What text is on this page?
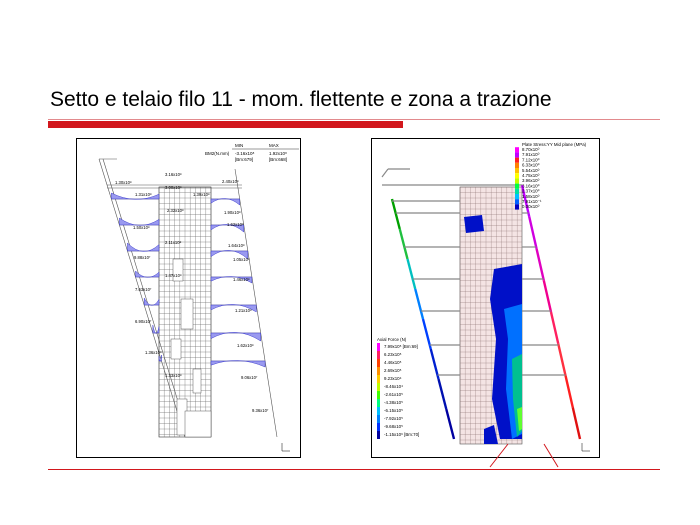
Setto e telaio filo 11 - mom. flettente e zona a trazione
MIN	MAX
BM2(N.mm) -3.16x10⁸	1.92x10⁸
[Bm:679]	[Bm:668]
3.16x10⁸
1.30x10⁸
3.00x10⁸
2.40x10⁸
1.31x10⁸	1.39x10⁸
2.32x10⁸	1.90x10⁸
1.50x10⁸
1.62x10⁸
2.11x10⁸
1.64x10⁸
9.88x10⁷	1.05x10⁸
1.47x10⁸
1.46x10⁸
7.63x10⁷
1.21x10⁸
6.90x10⁷
1.62x10⁸
1.36x10⁸
9.06x10⁷
1.33x10⁸
9.36x10⁷
Plate Stress:YY Mid plane (MPa)
8.70x10⁰
7.91x10⁰
7.12x10⁰
6.33x10⁰
5.54x10⁰
4.75x10⁰
3.96x10⁰
3.16x10⁰
2.37x10⁰
1.58x10⁰
7.91x10⁻¹
0.00x10⁰
Axial Force (N)
7.99x10⁵ [Bm:69]
6.23x10⁵
4.46x10⁵
2.69x10⁵
9.23x10⁴
-8.46x10⁴
-2.61x10⁵
-4.38x10⁵
-6.15x10⁵
-7.92x10⁵
-9.68x10⁵
-1.15x10⁶ [Bm:70]
